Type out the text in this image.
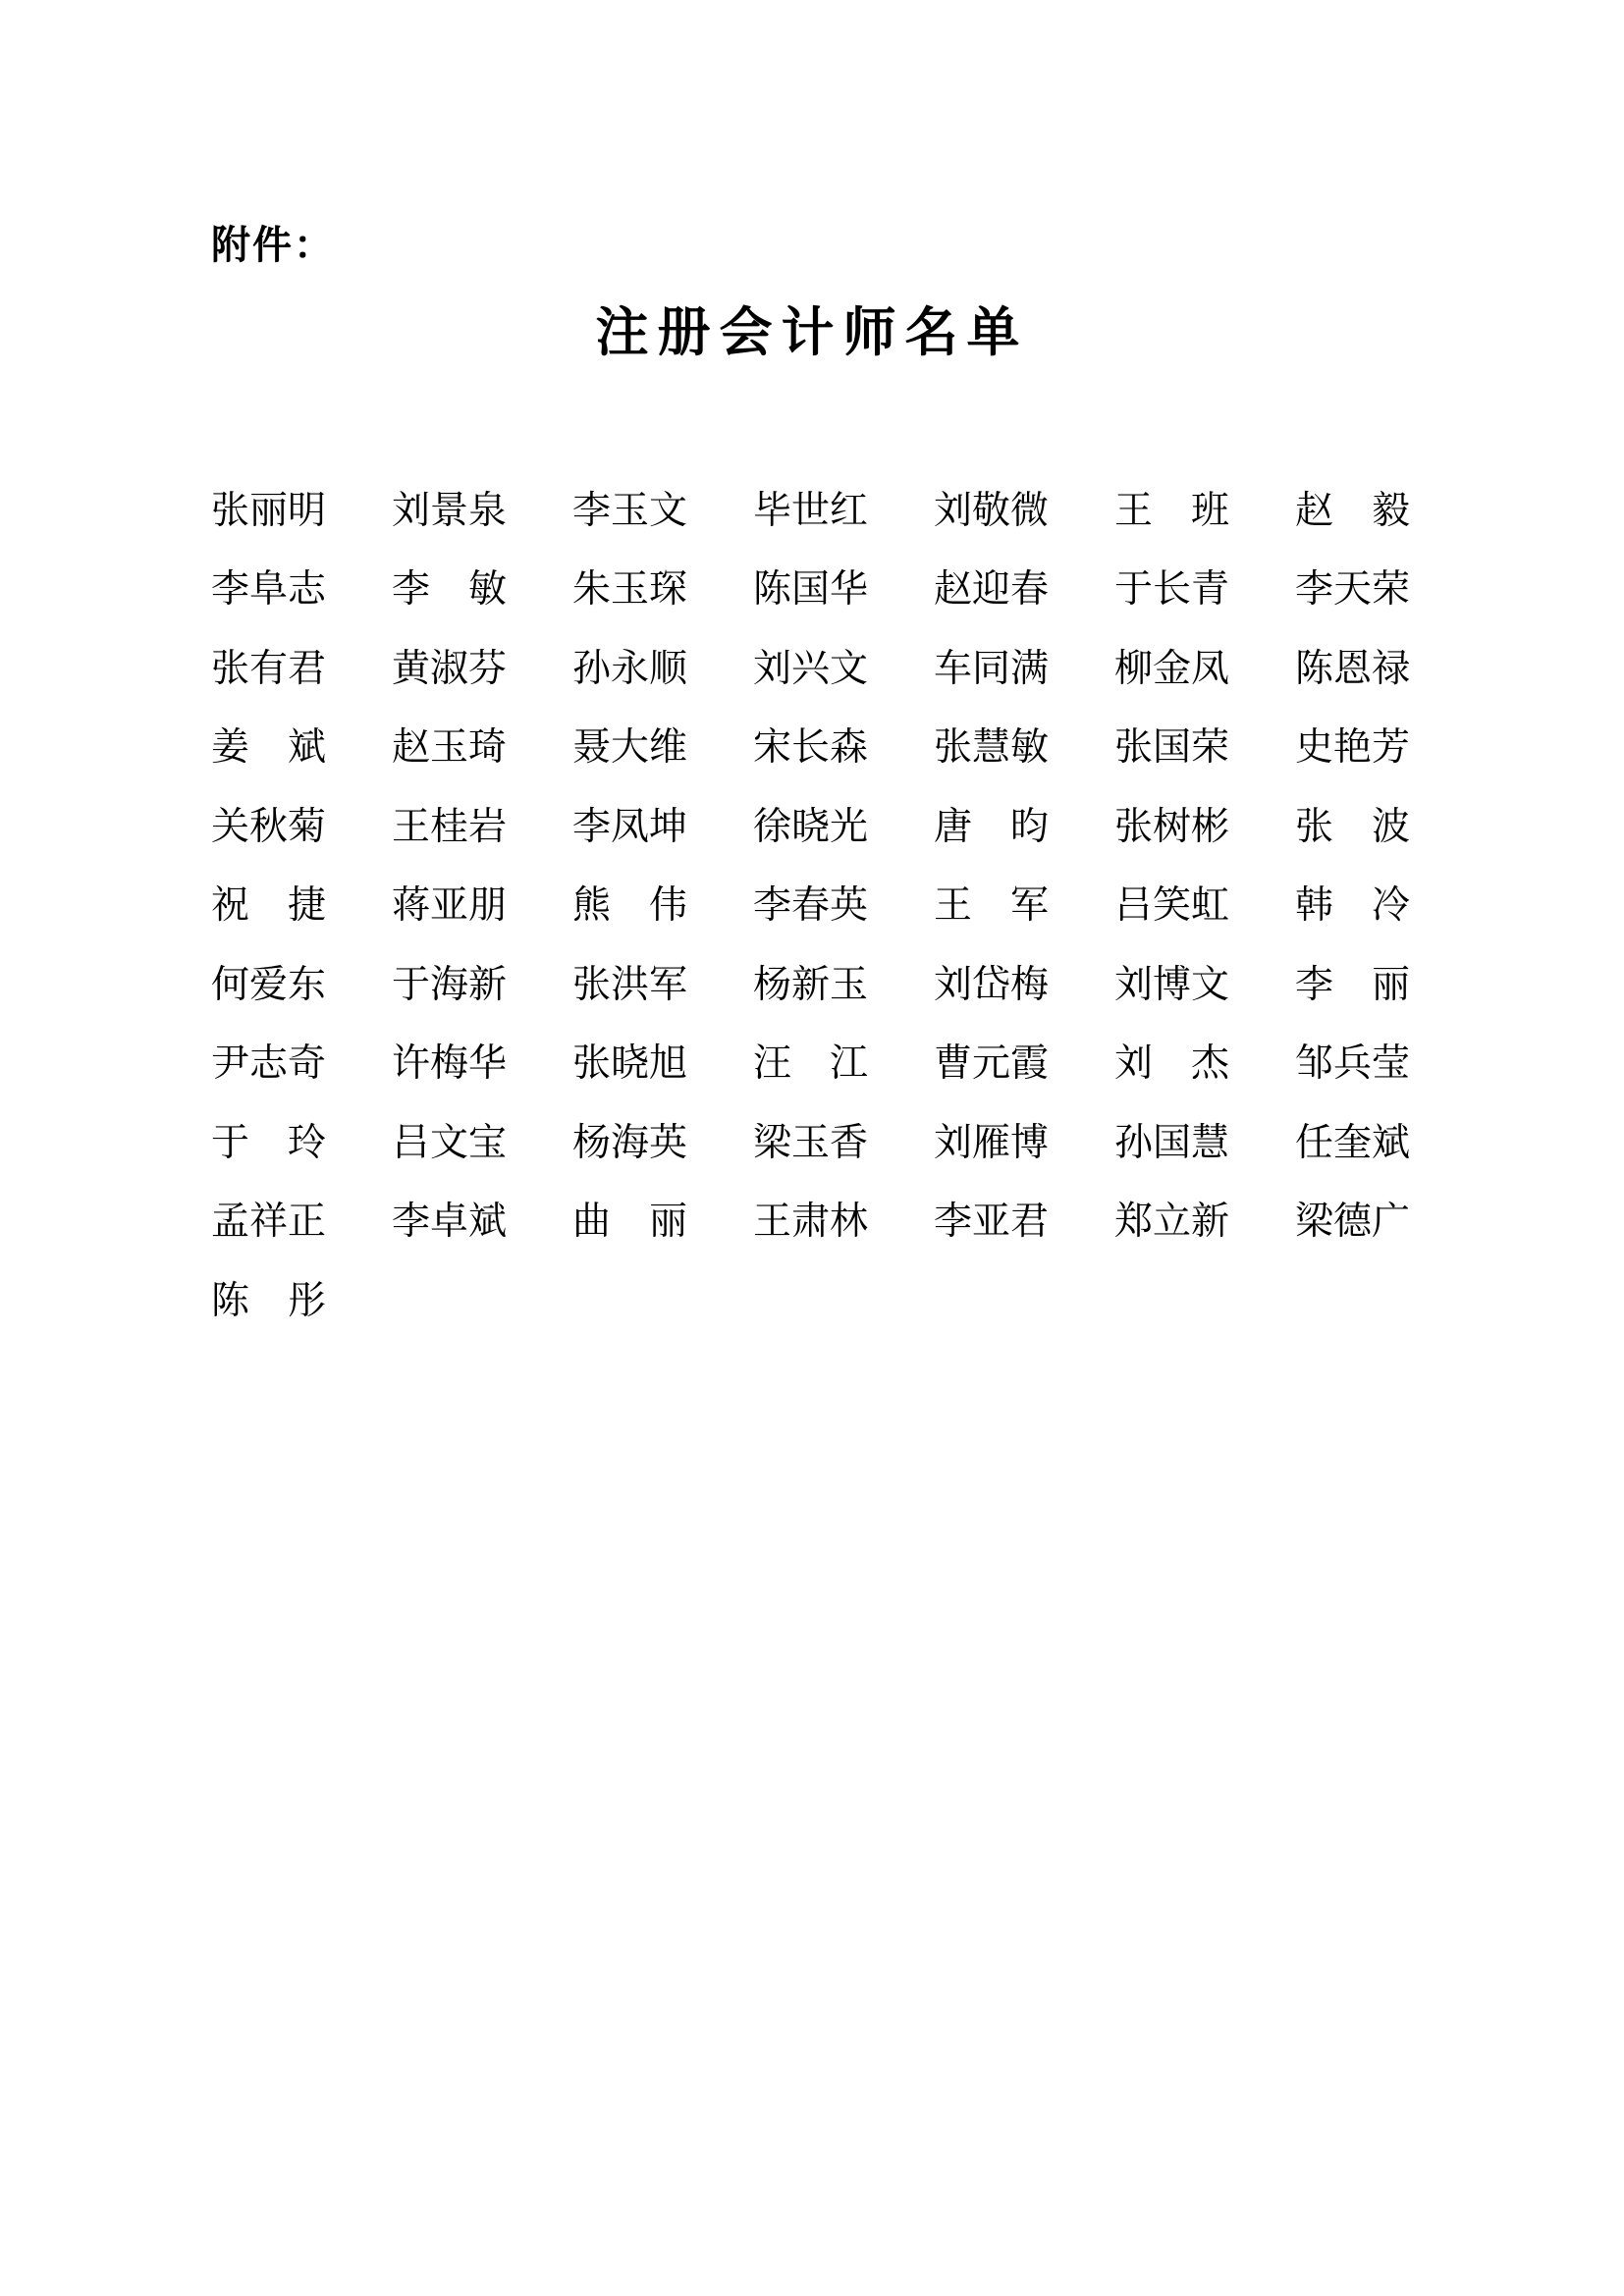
附件：
注册会计师名单
张丽明	刘景泉	李玉文	毕世红	刘敬微	王　班	赵　毅
李阜志	李　敏	朱玉琛	陈国华	赵迎春	于长青	李天荣
张有君	黄淑芬	孙永顺	刘兴文	车同满	柳金凤	陈恩禄
姜　斌	赵玉琦	聂大维	宋长森	张慧敏	张国荣	史艳芳
关秋菊	王桂岩	李凤坤	徐晓光	唐　昀	张树彬	张　波
祝　捷	蒋亚朋	熊　伟	李春英	王　军	吕笑虹	韩　冷
何爱东	于海新	张洪军	杨新玉	刘岱梅	刘博文	李　丽
尹志奇	许梅华	张晓旭	汪　江	曹元霞	刘　杰	邹兵莹
于　玲	吕文宝	杨海英	梁玉香	刘雁博	孙国慧	任奎斌
孟祥正	李卓斌	曲　丽	王肃林	李亚君	郑立新	梁德广
陈　彤
